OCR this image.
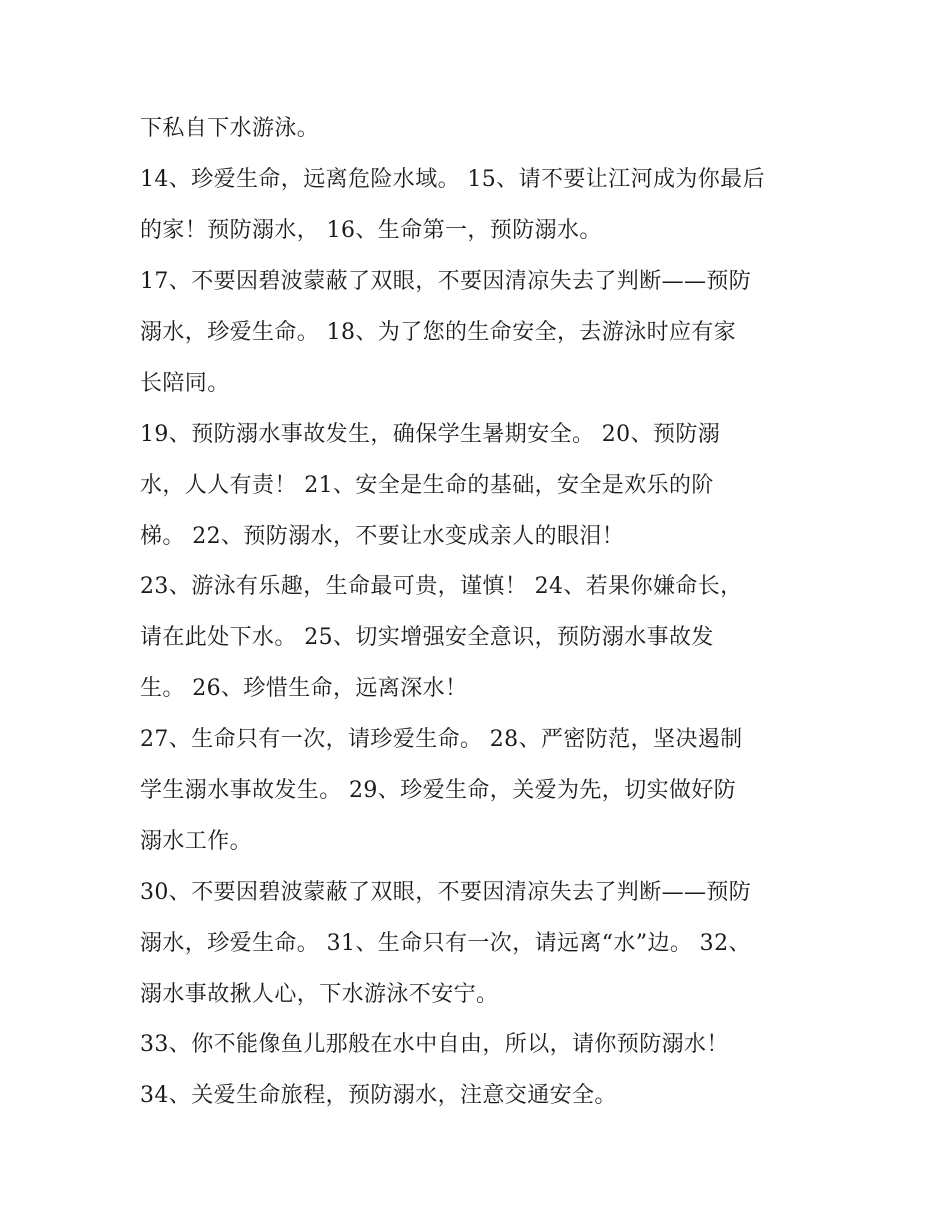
下私自下水游泳。
14、珍爱生命，远离危险水域。 15、请不要让江河成为你最后
的家！预防溺水， 16、生命第一，预防溺水。
17、不要因碧波蒙蔽了双眼，不要因清凉失去了判断——预防
溺水，珍爱生命。 18、为了您的生命安全，去游泳时应有家
长陪同。
19、预防溺水事故发生，确保学生暑期安全。 20、预防溺
水，人人有责！ 21、安全是生命的基础，安全是欢乐的阶
梯。 22、预防溺水，不要让水变成亲人的眼泪！
23、游泳有乐趣，生命最可贵，谨慎！ 24、若果你嫌命长，
请在此处下水。 25、切实增强安全意识，预防溺水事故发
生。 26、珍惜生命，远离深水！
27、生命只有一次，请珍爱生命。 28、严密防范，坚决遏制
学生溺水事故发生。 29、珍爱生命，关爱为先，切实做好防
溺水工作。
30、不要因碧波蒙蔽了双眼，不要因清凉失去了判断——预防
溺水，珍爱生命。 31、生命只有一次，请远离“水”边。 32、
溺水事故揪人心，下水游泳不安宁。
33、你不能像鱼儿那般在水中自由，所以，请你预防溺水！
34、关爱生命旅程，预防溺水，注意交通安全。
